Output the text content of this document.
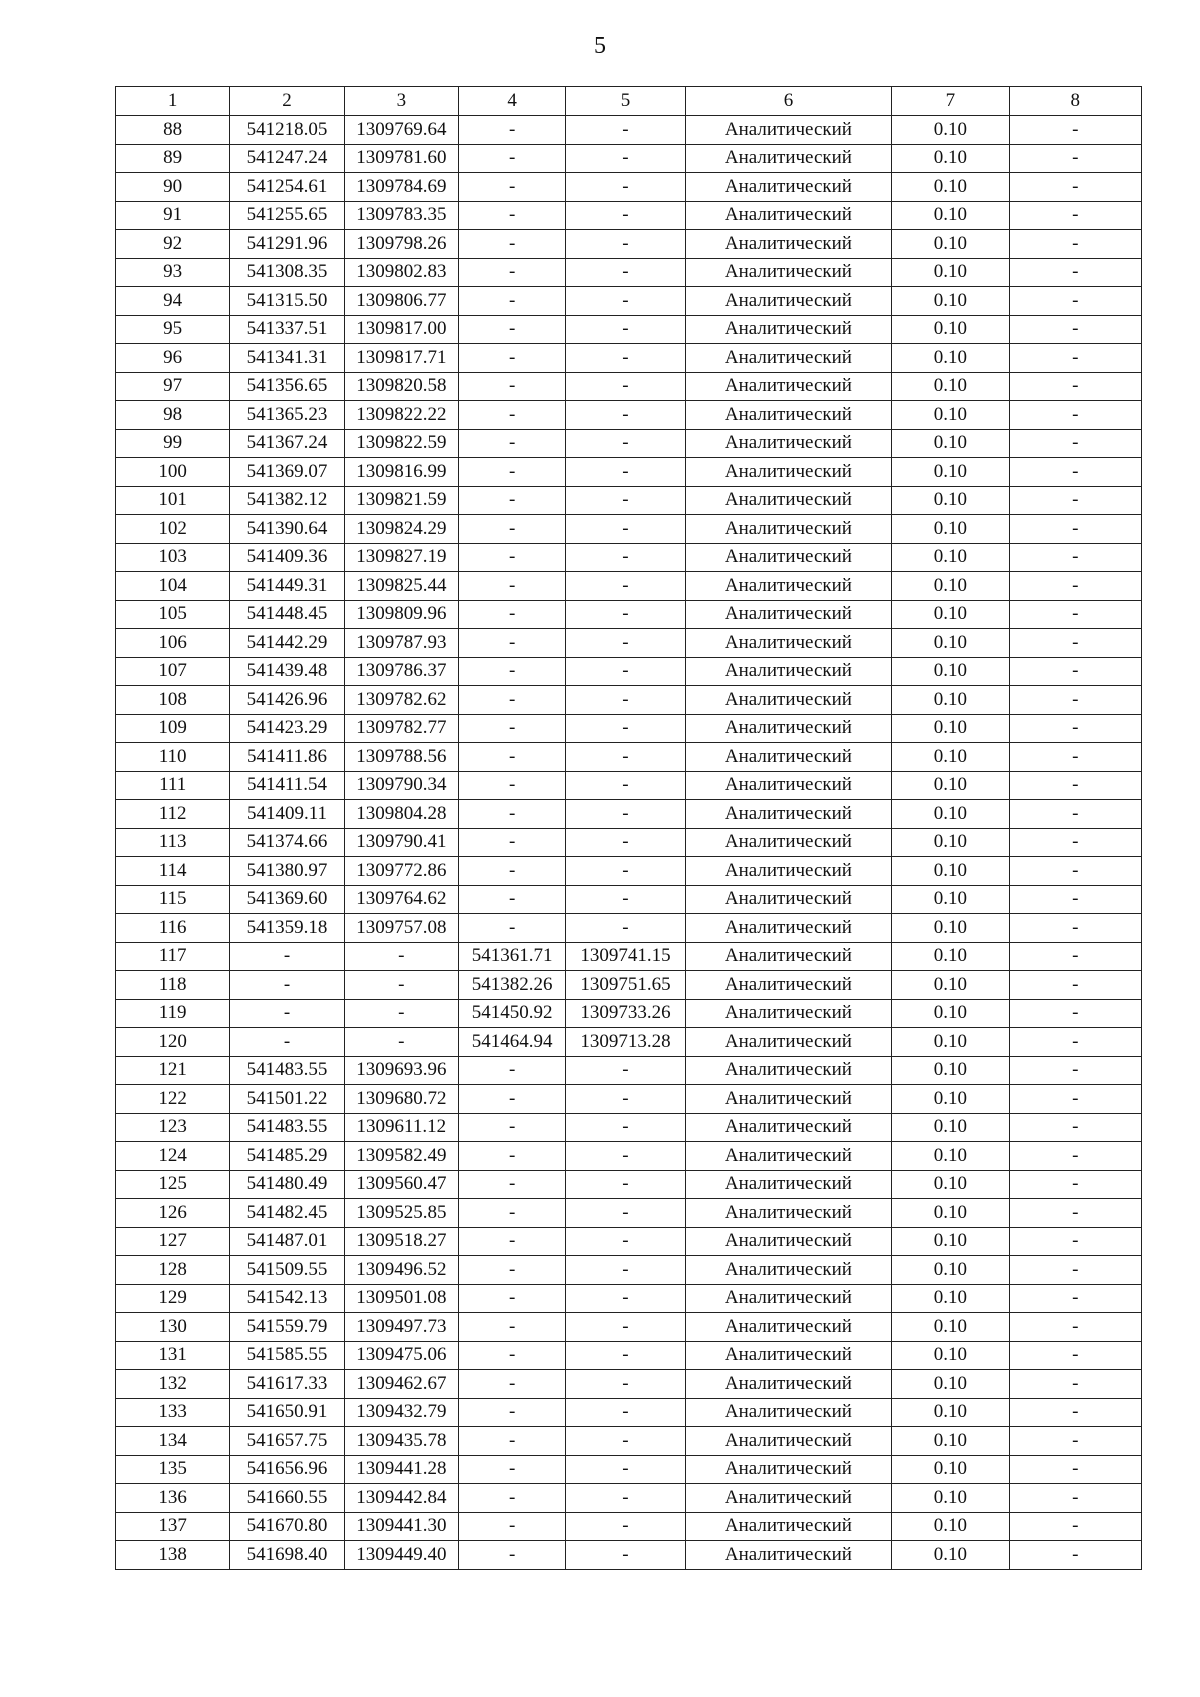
5
1	2	3	4	5	6	7	8
88	541218.05	1309769.64	-	-	Аналитический	0.10	-
89	541247.24	1309781.60	-	-	Аналитический	0.10	-
90	541254.61	1309784.69	-	-	Аналитический	0.10	-
91	541255.65	1309783.35	-	-	Аналитический	0.10	-
92	541291.96	1309798.26	-	-	Аналитический	0.10	-
93	541308.35	1309802.83	-	-	Аналитический	0.10	-
94	541315.50	1309806.77	-	-	Аналитический	0.10	-
95	541337.51	1309817.00	-	-	Аналитический	0.10	-
96	541341.31	1309817.71	-	-	Аналитический	0.10	-
97	541356.65	1309820.58	-	-	Аналитический	0.10	-
98	541365.23	1309822.22	-	-	Аналитический	0.10	-
99	541367.24	1309822.59	-	-	Аналитический	0.10	-
100	541369.07	1309816.99	-	-	Аналитический	0.10	-
101	541382.12	1309821.59	-	-	Аналитический	0.10	-
102	541390.64	1309824.29	-	-	Аналитический	0.10	-
103	541409.36	1309827.19	-	-	Аналитический	0.10	-
104	541449.31	1309825.44	-	-	Аналитический	0.10	-
105	541448.45	1309809.96	-	-	Аналитический	0.10	-
106	541442.29	1309787.93	-	-	Аналитический	0.10	-
107	541439.48	1309786.37	-	-	Аналитический	0.10	-
108	541426.96	1309782.62	-	-	Аналитический	0.10	-
109	541423.29	1309782.77	-	-	Аналитический	0.10	-
110	541411.86	1309788.56	-	-	Аналитический	0.10	-
111	541411.54	1309790.34	-	-	Аналитический	0.10	-
112	541409.11	1309804.28	-	-	Аналитический	0.10	-
113	541374.66	1309790.41	-	-	Аналитический	0.10	-
114	541380.97	1309772.86	-	-	Аналитический	0.10	-
115	541369.60	1309764.62	-	-	Аналитический	0.10	-
116	541359.18	1309757.08	-	-	Аналитический	0.10	-
117	-	-	541361.71	1309741.15	Аналитический	0.10	-
118	-	-	541382.26	1309751.65	Аналитический	0.10	-
119	-	-	541450.92	1309733.26	Аналитический	0.10	-
120	-	-	541464.94	1309713.28	Аналитический	0.10	-
121	541483.55	1309693.96	-	-	Аналитический	0.10	-
122	541501.22	1309680.72	-	-	Аналитический	0.10	-
123	541483.55	1309611.12	-	-	Аналитический	0.10	-
124	541485.29	1309582.49	-	-	Аналитический	0.10	-
125	541480.49	1309560.47	-	-	Аналитический	0.10	-
126	541482.45	1309525.85	-	-	Аналитический	0.10	-
127	541487.01	1309518.27	-	-	Аналитический	0.10	-
128	541509.55	1309496.52	-	-	Аналитический	0.10	-
129	541542.13	1309501.08	-	-	Аналитический	0.10	-
130	541559.79	1309497.73	-	-	Аналитический	0.10	-
131	541585.55	1309475.06	-	-	Аналитический	0.10	-
132	541617.33	1309462.67	-	-	Аналитический	0.10	-
133	541650.91	1309432.79	-	-	Аналитический	0.10	-
134	541657.75	1309435.78	-	-	Аналитический	0.10	-
135	541656.96	1309441.28	-	-	Аналитический	0.10	-
136	541660.55	1309442.84	-	-	Аналитический	0.10	-
137	541670.80	1309441.30	-	-	Аналитический	0.10	-
138	541698.40	1309449.40	-	-	Аналитический	0.10	-
